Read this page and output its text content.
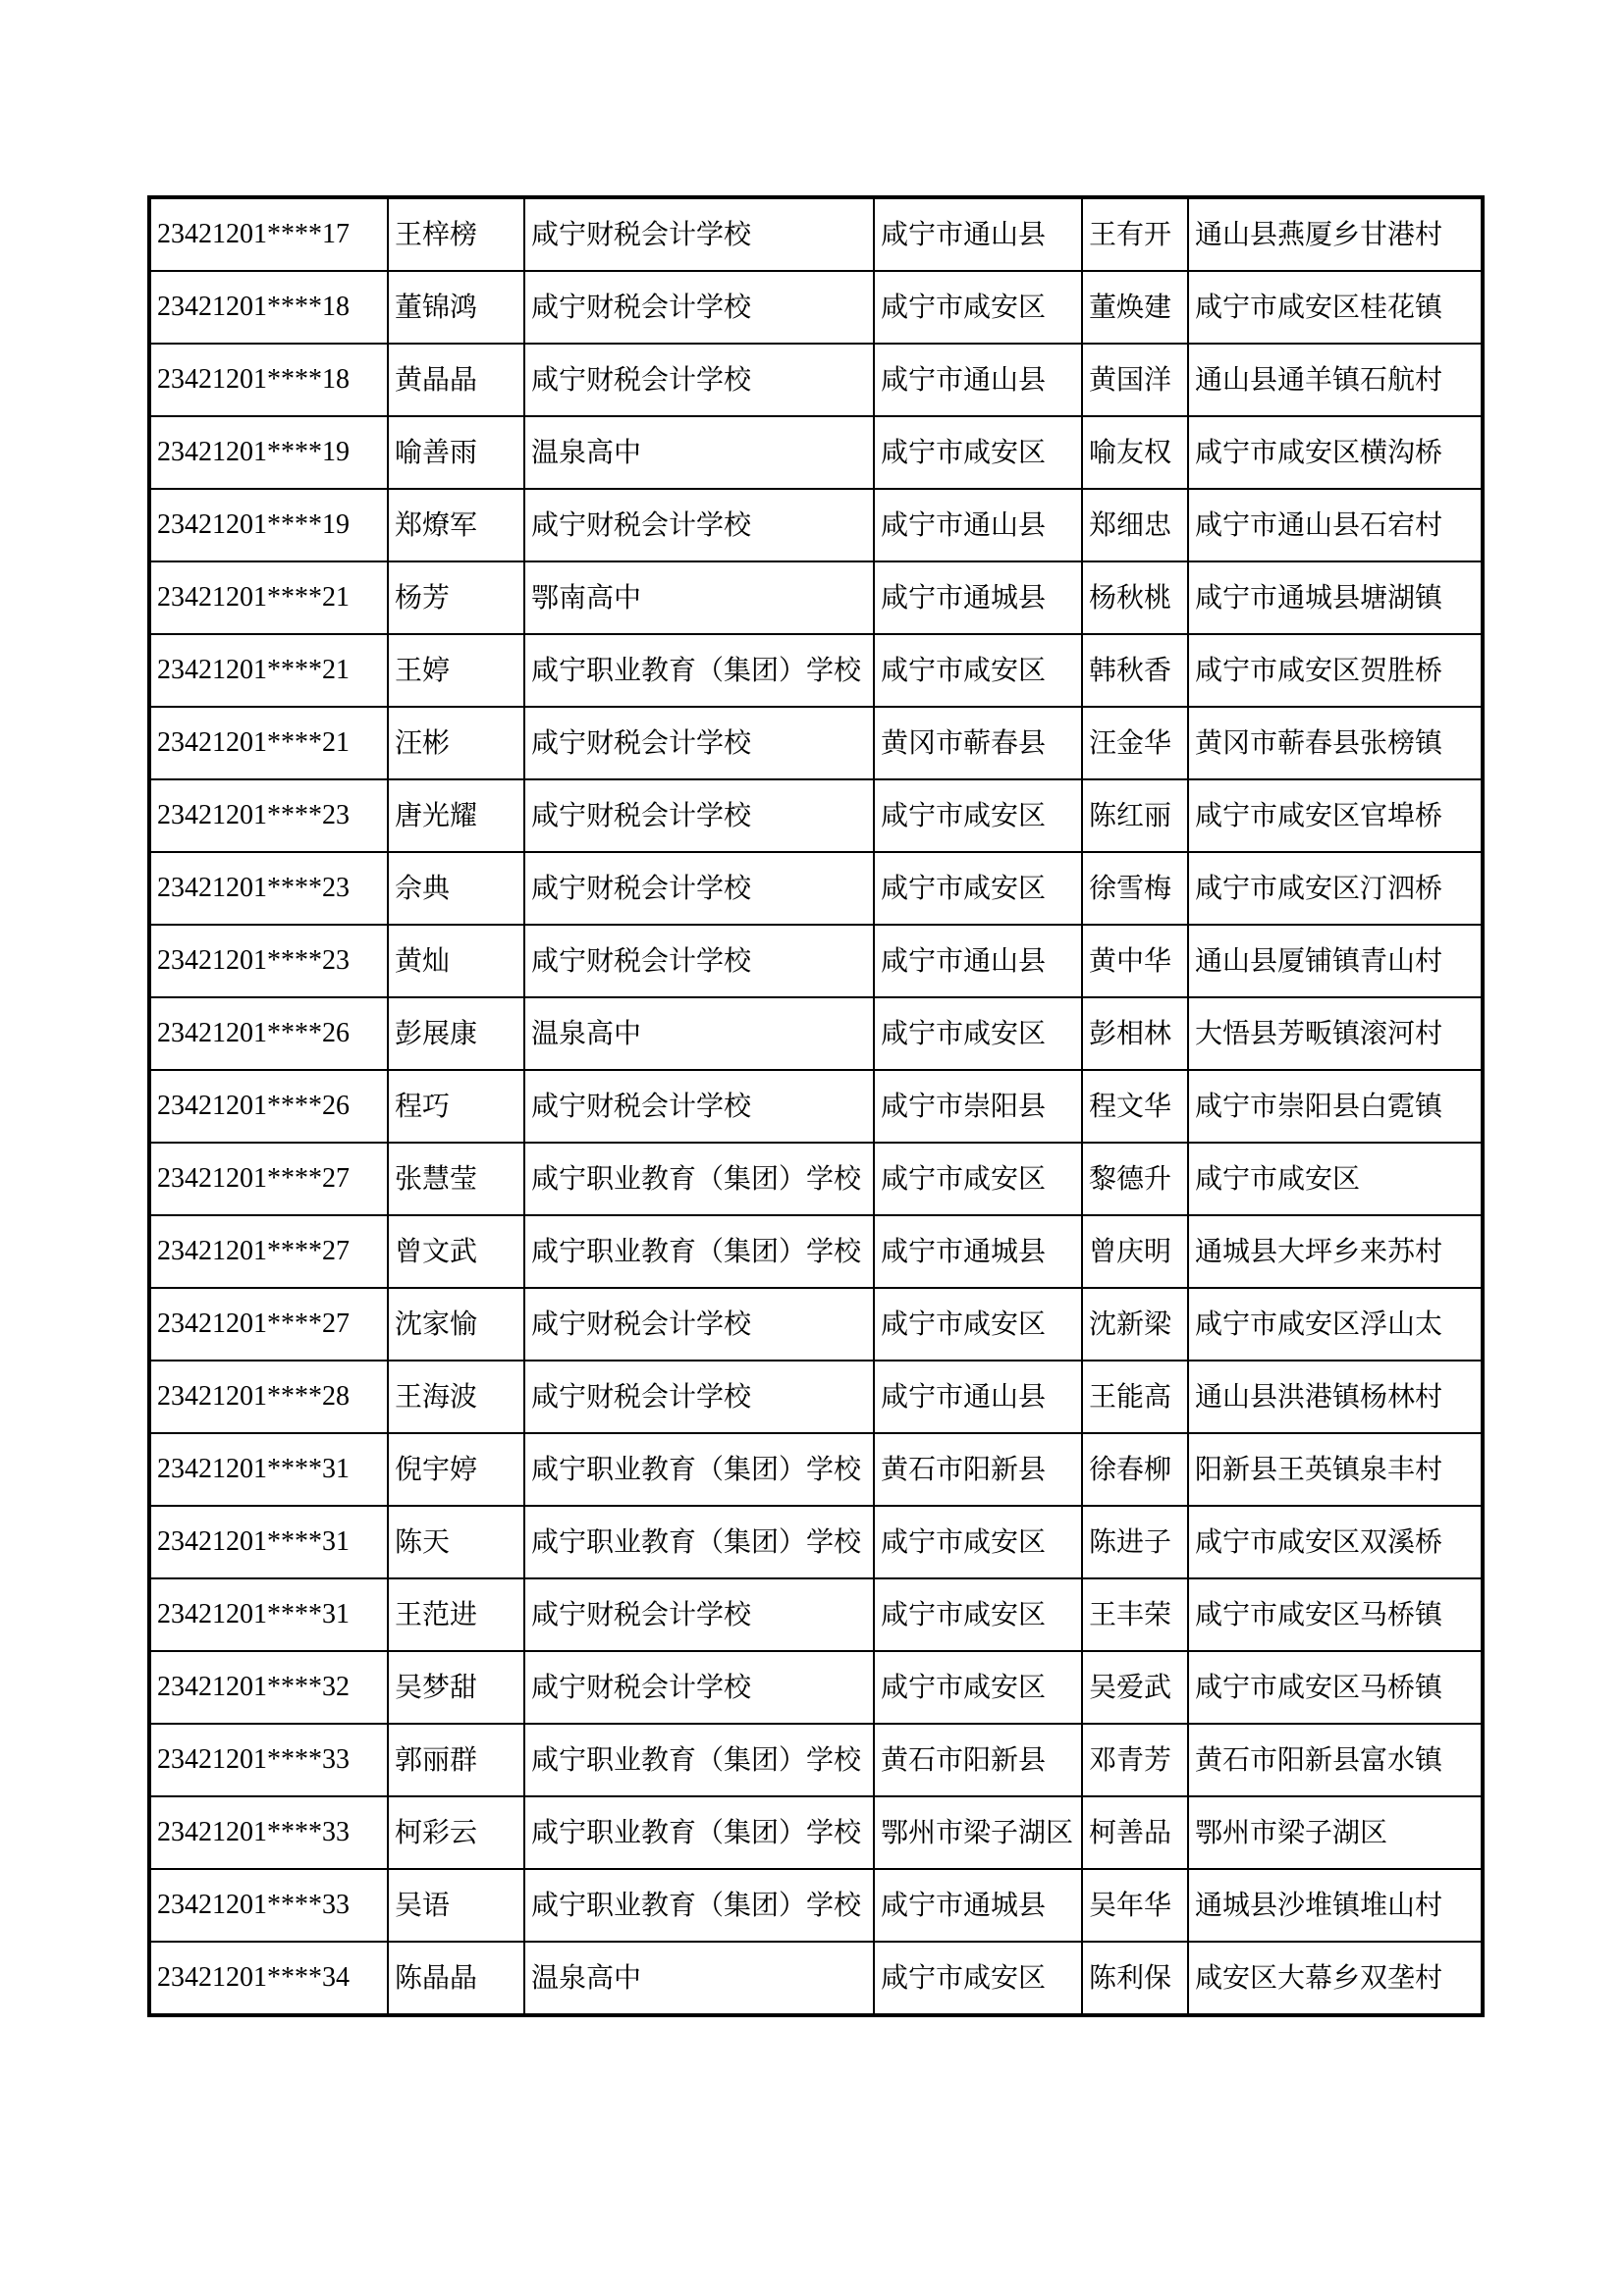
23421201****17	王梓榜	咸宁财税会计学校	咸宁市通山县	王有开	通山县燕厦乡甘港村
23421201****18	董锦鸿	咸宁财税会计学校	咸宁市咸安区	董焕建	咸宁市咸安区桂花镇
23421201****18	黄晶晶	咸宁财税会计学校	咸宁市通山县	黄国洋	通山县通羊镇石航村
23421201****19	喻善雨	温泉高中	咸宁市咸安区	喻友权	咸宁市咸安区横沟桥
23421201****19	郑燎军	咸宁财税会计学校	咸宁市通山县	郑细忠	咸宁市通山县石宕村
23421201****21	杨芳	鄂南高中	咸宁市通城县	杨秋桃	咸宁市通城县塘湖镇
23421201****21	王婷	咸宁职业教育（集团）学校	咸宁市咸安区	韩秋香	咸宁市咸安区贺胜桥
23421201****21	汪彬	咸宁财税会计学校	黄冈市蕲春县	汪金华	黄冈市蕲春县张榜镇
23421201****23	唐光耀	咸宁财税会计学校	咸宁市咸安区	陈红丽	咸宁市咸安区官埠桥
23421201****23	佘典	咸宁财税会计学校	咸宁市咸安区	徐雪梅	咸宁市咸安区汀泗桥
23421201****23	黄灿	咸宁财税会计学校	咸宁市通山县	黄中华	通山县厦铺镇青山村
23421201****26	彭展康	温泉高中	咸宁市咸安区	彭相林	大悟县芳畈镇滚河村
23421201****26	程巧	咸宁财税会计学校	咸宁市崇阳县	程文华	咸宁市崇阳县白霓镇
23421201****27	张慧莹	咸宁职业教育（集团）学校	咸宁市咸安区	黎德升	咸宁市咸安区
23421201****27	曾文武	咸宁职业教育（集团）学校	咸宁市通城县	曾庆明	通城县大坪乡来苏村
23421201****27	沈家愉	咸宁财税会计学校	咸宁市咸安区	沈新梁	咸宁市咸安区浮山太
23421201****28	王海波	咸宁财税会计学校	咸宁市通山县	王能高	通山县洪港镇杨林村
23421201****31	倪宇婷	咸宁职业教育（集团）学校	黄石市阳新县	徐春柳	阳新县王英镇泉丰村
23421201****31	陈天	咸宁职业教育（集团）学校	咸宁市咸安区	陈进子	咸宁市咸安区双溪桥
23421201****31	王范进	咸宁财税会计学校	咸宁市咸安区	王丰荣	咸宁市咸安区马桥镇
23421201****32	吴梦甜	咸宁财税会计学校	咸宁市咸安区	吴爱武	咸宁市咸安区马桥镇
23421201****33	郭丽群	咸宁职业教育（集团）学校	黄石市阳新县	邓青芳	黄石市阳新县富水镇
23421201****33	柯彩云	咸宁职业教育（集团）学校	鄂州市梁子湖区	柯善品	鄂州市梁子湖区
23421201****33	吴语	咸宁职业教育（集团）学校	咸宁市通城县	吴年华	通城县沙堆镇堆山村
23421201****34	陈晶晶	温泉高中	咸宁市咸安区	陈利保	咸安区大幕乡双垄村
